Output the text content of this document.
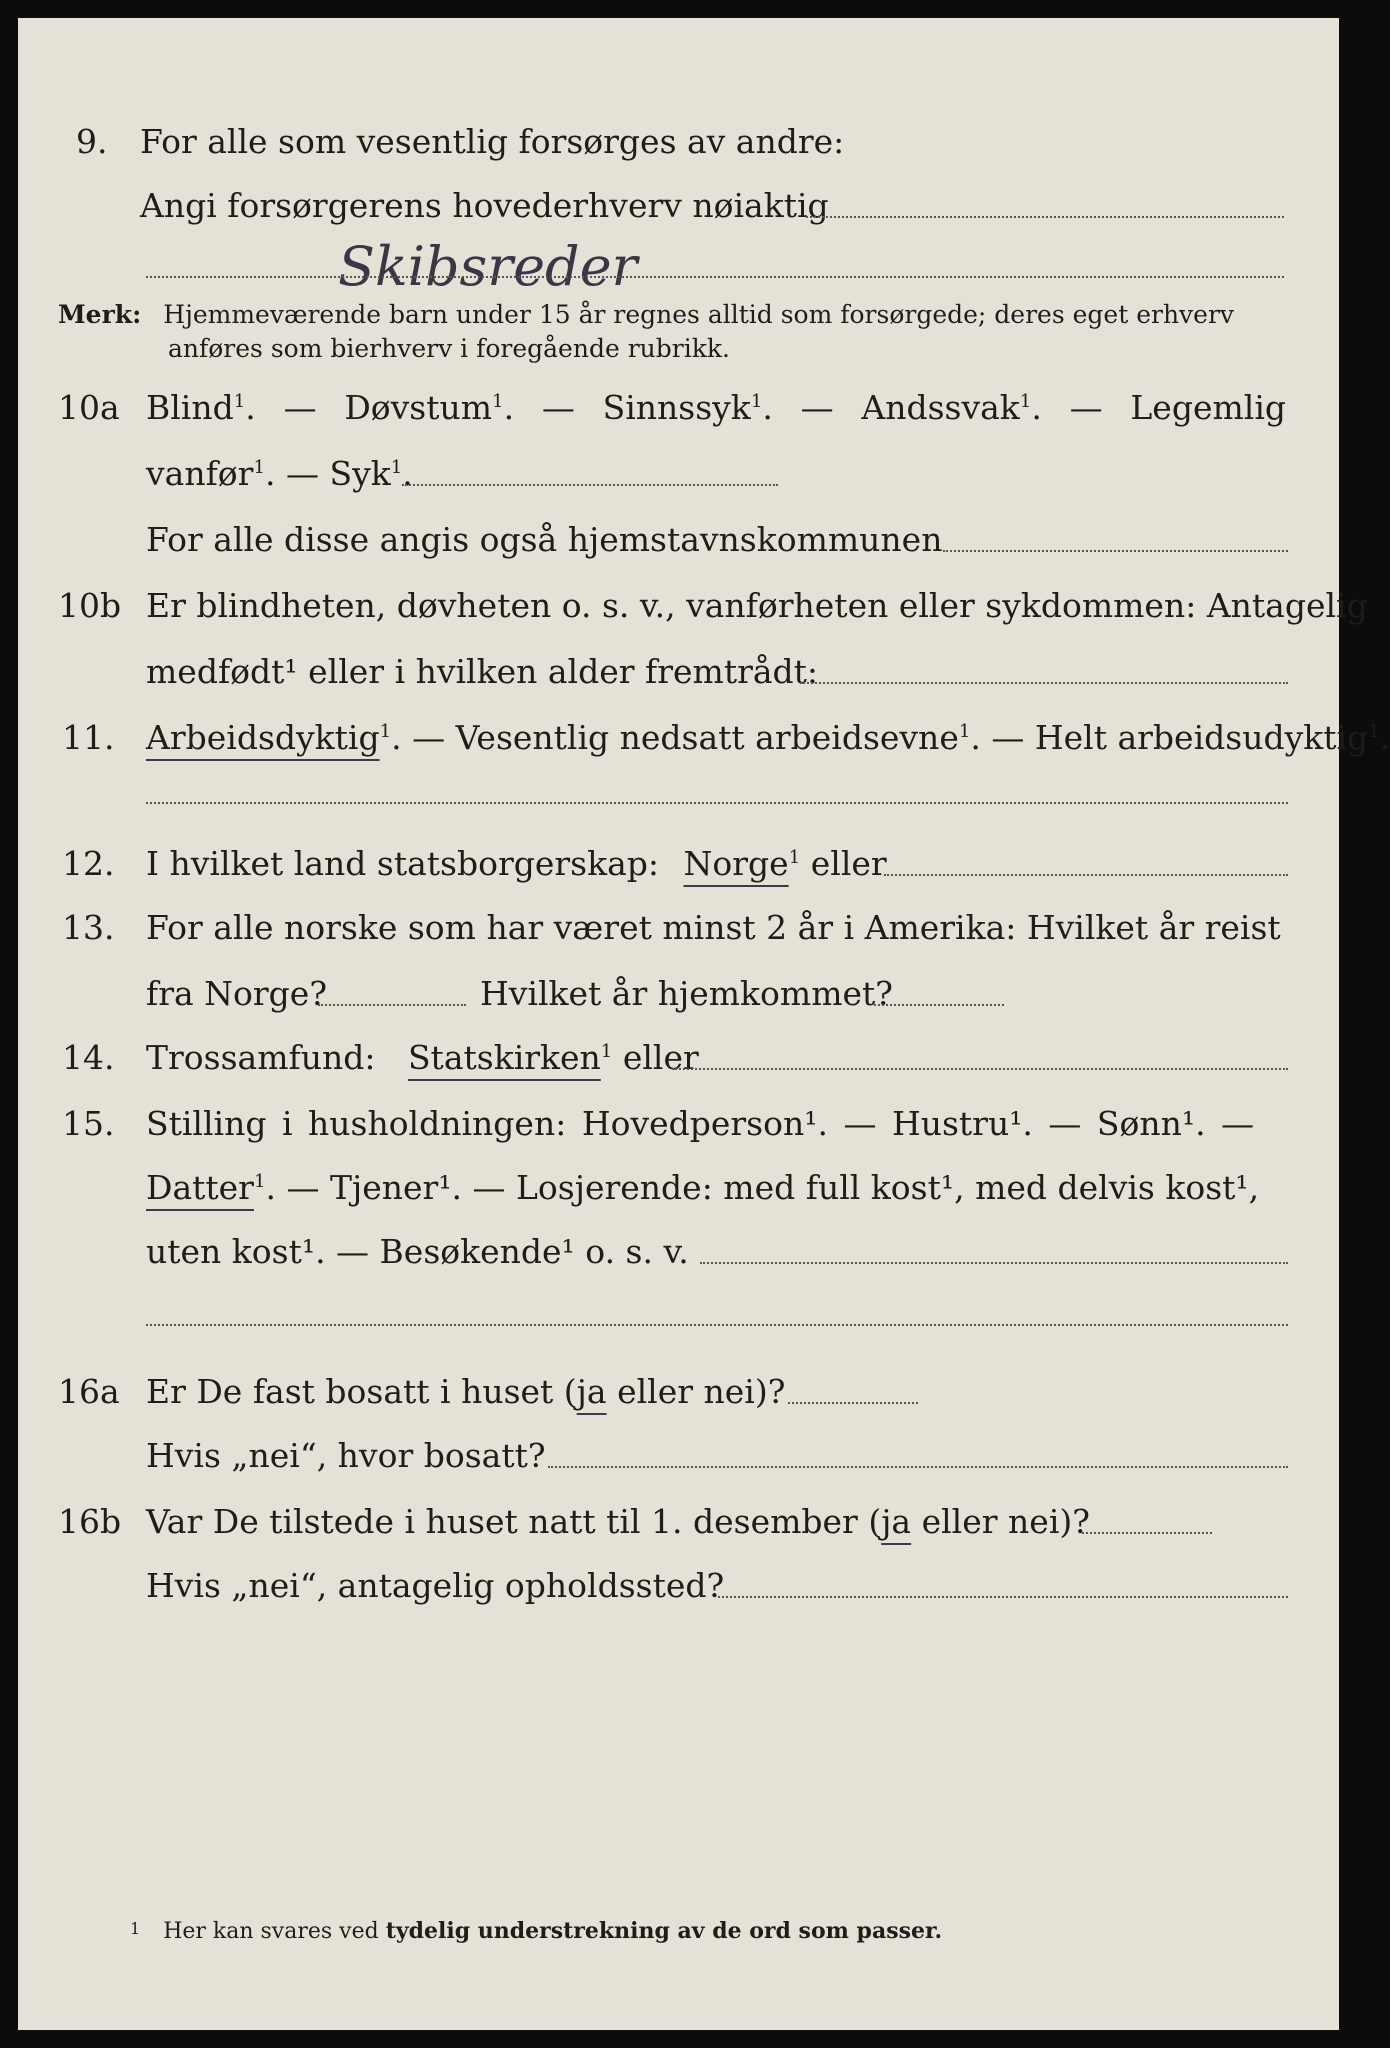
9. For alle som vesentlig forsørges av andre:
Angi forsørgerens hovederhverv nøiaktig
Skibsreder
Merk: Hjemmeværende barn under 15 år regnes alltid som forsørgede; deres eget erhverv
anføres som bierhverv i foregående rubrikk.
10a Blind$^1$. — Døvstum$^1$. — Sinnssyk$^1$. — Andssvak$^1$. — Legemlig
vanfør$^1$. — Syk$^1$.
For alle disse angis også hjemstavnskommunen
10b Er blindheten, døvheten o. s. v., vanførheten eller sykdommen: Antagelig
medfødt¹ eller i hvilken alder fremtrådt:
11. Arbeidsdyktig$^1$. — Vesentlig nedsatt arbeidsevne$^1$. — Helt arbeidsudyktig$^1$.
12. I hvilket land statsborgerskap: Norge$^1$ eller
13. For alle norske som har været minst 2 år i Amerika: Hvilket år reist
fra Norge?	Hvilket år hjemkommet?
14. Trossamfund: Statskirken$^1$ eller
15. Stilling i husholdningen: Hovedperson¹. — Hustru¹. — Sønn¹. —
Datter$^1$. — Tjener¹. — Losjerende: med full kost¹, med delvis kost¹,
uten kost¹. — Besøkende¹ o. s. v.
16a Er De fast bosatt i huset (ja eller nei)?
Hvis „nei“, hvor bosatt?
16b Var De tilstede i huset natt til 1. desember (ja eller nei)?
Hvis „nei“, antagelig opholdssted?
1 Her kan svares ved tydelig understrekning av de ord som passer.
